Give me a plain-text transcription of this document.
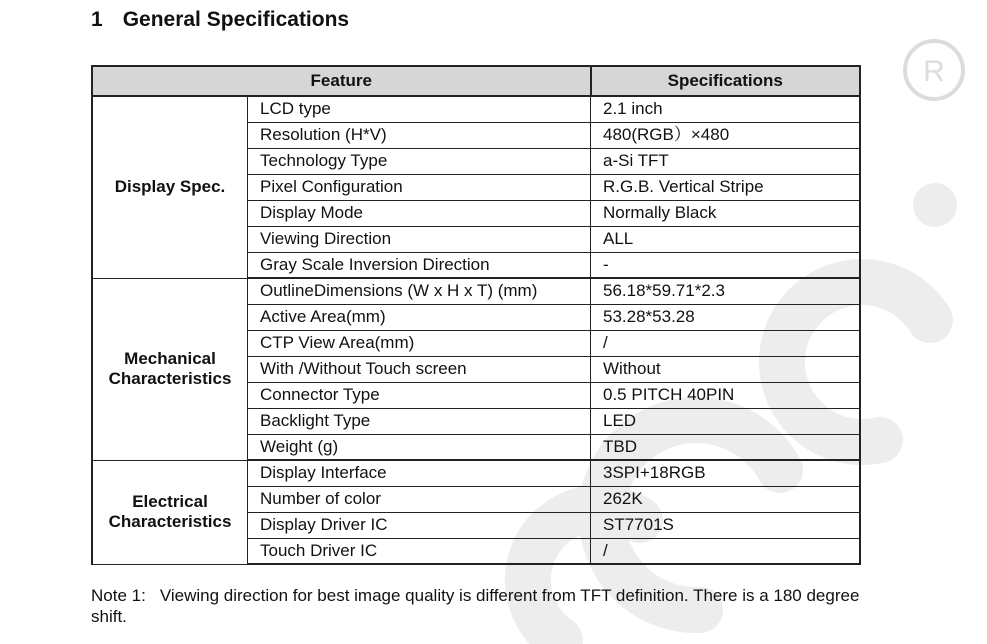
R
1 General Specifications
Feature		Specifications
Display Spec.	LCD type	2.1 inch
	Resolution (H*V)	480(RGB）×480
	Technology Type	a-Si TFT
	Pixel Configuration	R.G.B. Vertical Stripe
	Display Mode	Normally Black
	Viewing Direction	ALL
	Gray Scale Inversion Direction	-
Mechanical Characteristics	OutlineDimensions (W x H x T) (mm)	56.18*59.71*2.3
	Active Area(mm)	53.28*53.28
	CTP View Area(mm)	/
	With /Without Touch screen	Without
	Connector Type	0.5 PITCH 40PIN
	Backlight Type	LED
	Weight (g)	TBD
Electrical Characteristics	Display Interface	3SPI+18RGB
	Number of color	262K
	Display Driver IC	ST7701S
	Touch Driver IC	/

Note 1: Viewing direction for best image quality is different from TFT definition. There is a 180 degree shift.
